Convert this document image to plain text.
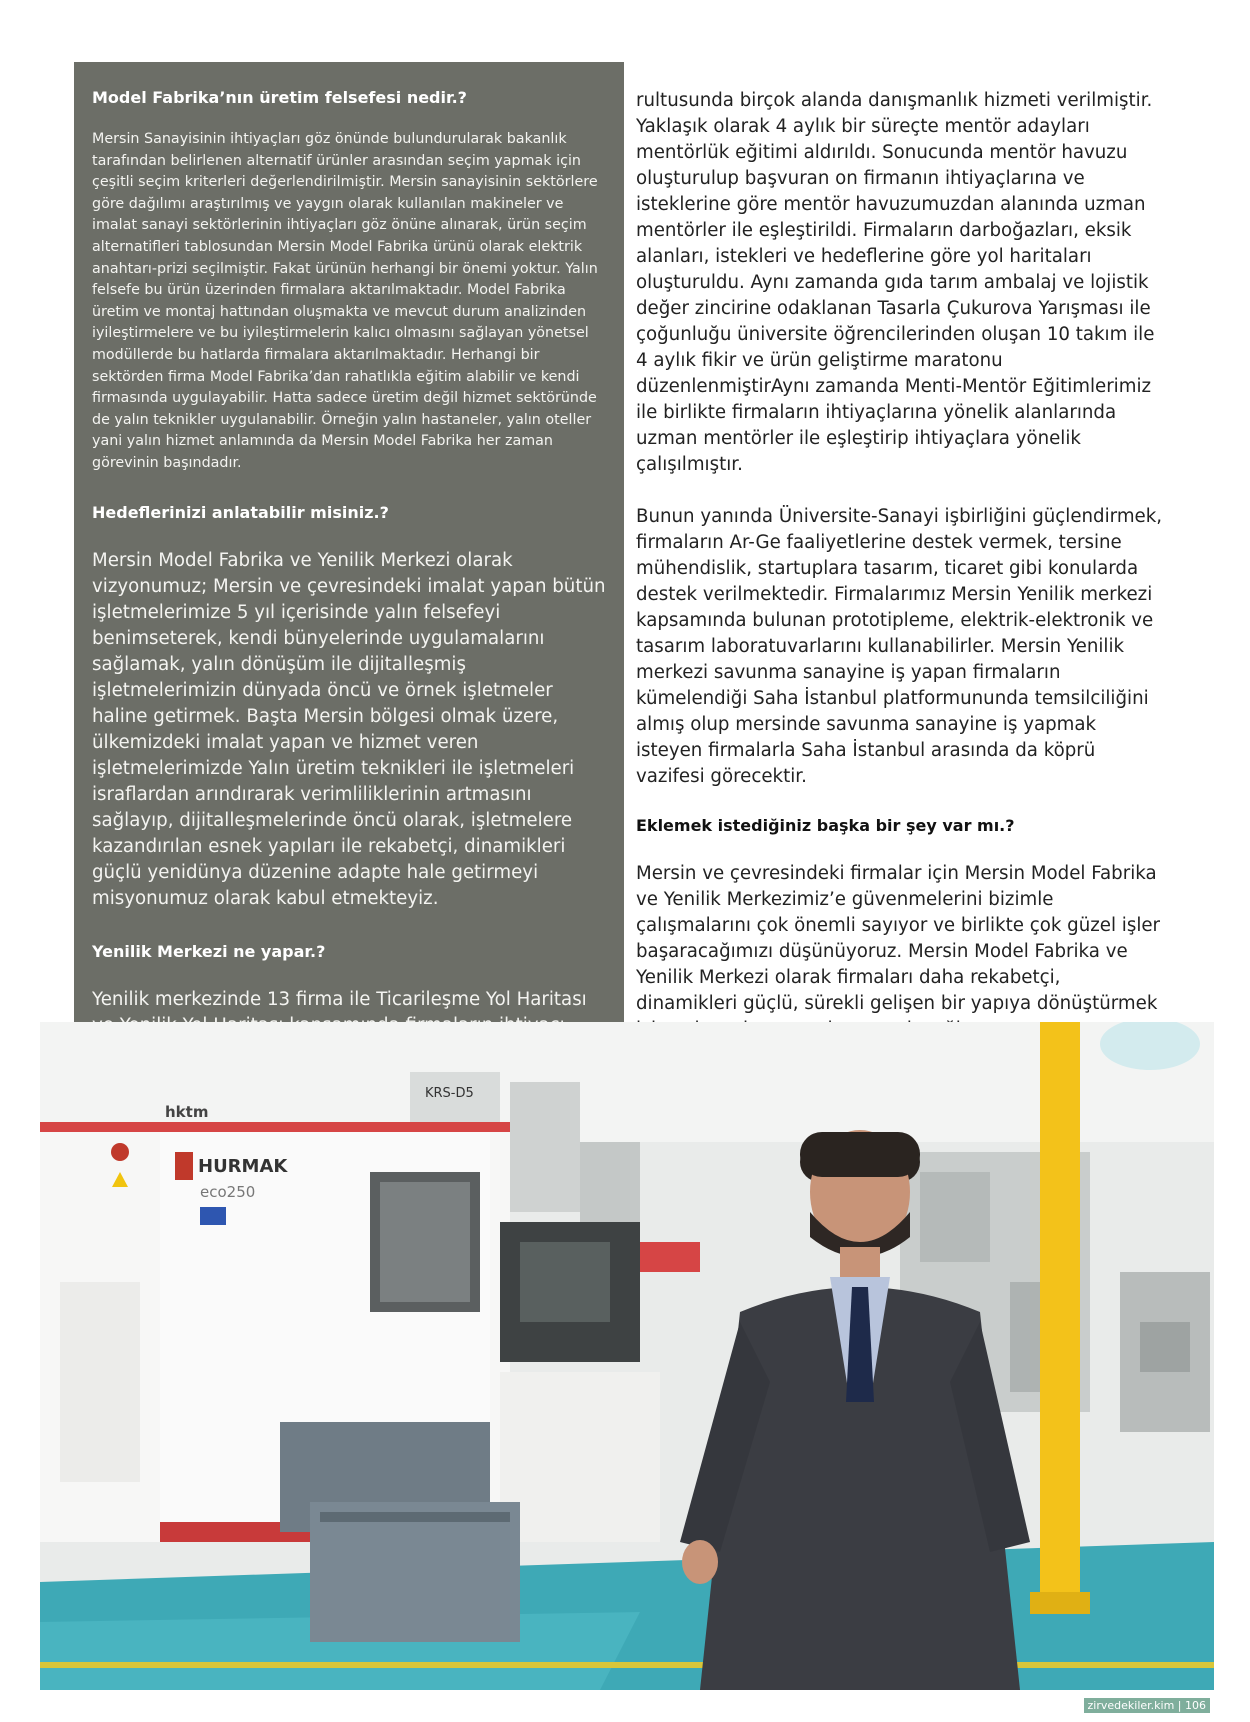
Model Fabrika’nın üretim felsefesi nedir.?

Mersin Sanayisinin ihtiyaçları göz önünde bulundurularak bakanlık tarafından belirlenen alternatif ürünler arasından seçim yapmak için çeşitli seçim kriterleri değerlendirilmiştir. Mersin sanayisinin sektörlere göre dağılımı araştırılmış ve yaygın olarak kullanılan makineler ve imalat sanayi sektörlerinin ihtiyaçları göz önüne alınarak, ürün seçim alternatifleri tablosundan Mersin Model Fabrika ürünü olarak elektrik anahtarı-prizi seçilmiştir. Fakat ürünün herhangi bir önemi yoktur. Yalın felsefe bu ürün üzerinden firmalara aktarılmaktadır. Model Fabrika üretim ve montaj hattından oluşmakta ve mevcut durum analizinden iyileştirmelere ve bu iyileştirmelerin kalıcı olmasını sağlayan yönetsel modüllerde bu hatlarda firmalara aktarılmaktadır. Herhangi bir sektörden firma Model Fabrika’dan rahatlıkla eğitim alabilir ve kendi firmasında uygulayabilir. Hatta sadece üretim değil hizmet sektöründe de yalın teknikler uygulanabilir. Örneğin yalın hastaneler, yalın oteller yani yalın hizmet anlamında da Mersin Model Fabrika her zaman görevinin başındadır.

Hedeflerinizi anlatabilir misiniz.?

Mersin Model Fabrika ve Yenilik Merkezi olarak vizyonumuz; Mersin ve çevresindeki imalat yapan bütün işletmelerimize 5 yıl içerisinde yalın felsefeyi benimseterek, kendi bünyelerinde uygulamalarını sağlamak, yalın dönüşüm ile dijitalleşmiş işletmelerimizin dünyada öncü ve örnek işletmeler haline getirmek. Başta Mersin bölgesi olmak üzere, ülkemizdeki imalat yapan ve hizmet veren işletmelerimizde Yalın üretim teknikleri ile işletmeleri israflardan arındırarak verimliliklerinin artmasını sağlayıp, dijitalleşmelerinde öncü olarak, işletmelere kazandırılan esnek yapıları ile rekabetçi, dinamikleri güçlü yenidünya düzenine adapte hale getirmeyi misyonumuz olarak kabul etmekteyiz.

Yenilik Merkezi ne yapar.?

Yenilik merkezinde 13 firma ile Ticarileşme Yol Haritası

rultusunda birçok alanda danışmanlık hizmeti verilmiştir. Yaklaşık olarak 4 aylık bir süreçte mentör adayları mentörlük eğitimi aldırıldı. Sonucunda mentör havuzu oluşturulup başvuran on firmanın ihtiyaçlarına ve isteklerine göre mentör havuzumuzdan alanında uzman mentörler ile eşleştirildi. Firmaların darboğazları, eksik alanları, istekleri ve hedeflerine göre yol haritaları oluşturuldu. Aynı zamanda gıda tarım ambalaj ve lojistik değer zincirine odaklanan Tasarla Çukurova Yarışması ile çoğunluğu üniversite öğrencilerinden oluşan 10 takım ile 4 aylık fikir ve ürün geliştirme maratonu düzenlenmiştirAynı zamanda Menti-Mentör Eğitimlerimiz ile birlikte firmaların ihtiyaçlarına yönelik alanlarında uzman mentörler ile eşleştirip ihtiyaçlara yönelik çalışılmıştır.

Bunun yanında Üniversite-Sanayi işbirliğini güçlendirmek, firmaların Ar-Ge faaliyetlerine destek vermek, tersine mühendislik, startuplara tasarım, ticaret gibi konularda destek verilmektedir. Firmalarımız Mersin Yenilik merkezi kapsamında bulunan prototipleme, elektrik-elektronik ve tasarım laboratuvarlarını kullanabilirler. Mersin Yenilik merkezi savunma sanayine iş yapan firmaların kümelendiği Saha İstanbul platformununda temsilciliğini almış olup mersinde savunma sanayine iş yapmak isteyen firmalarla Saha İstanbul arasında da köprü vazifesi görecektir.

Eklemek istediğiniz başka bir şey var mı.?

Mersin ve çevresindeki firmalar için Mersin Model Fabrika ve Yenilik Merkezimiz’e güvenmelerini bizimle çalışmalarını çok önemli sayıyor ve birlikte çok güzel işler başaracağımızı düşünüyoruz. Mersin Model Fabrika ve Yenilik Merkezi olarak firmaları daha rekabetçi, dinamikleri güçlü, sürekli gelişen bir yapıya dönüştürmek

KRS-D5
hktm
HURMAK
eco250
zirvedekiler.kim | 106
